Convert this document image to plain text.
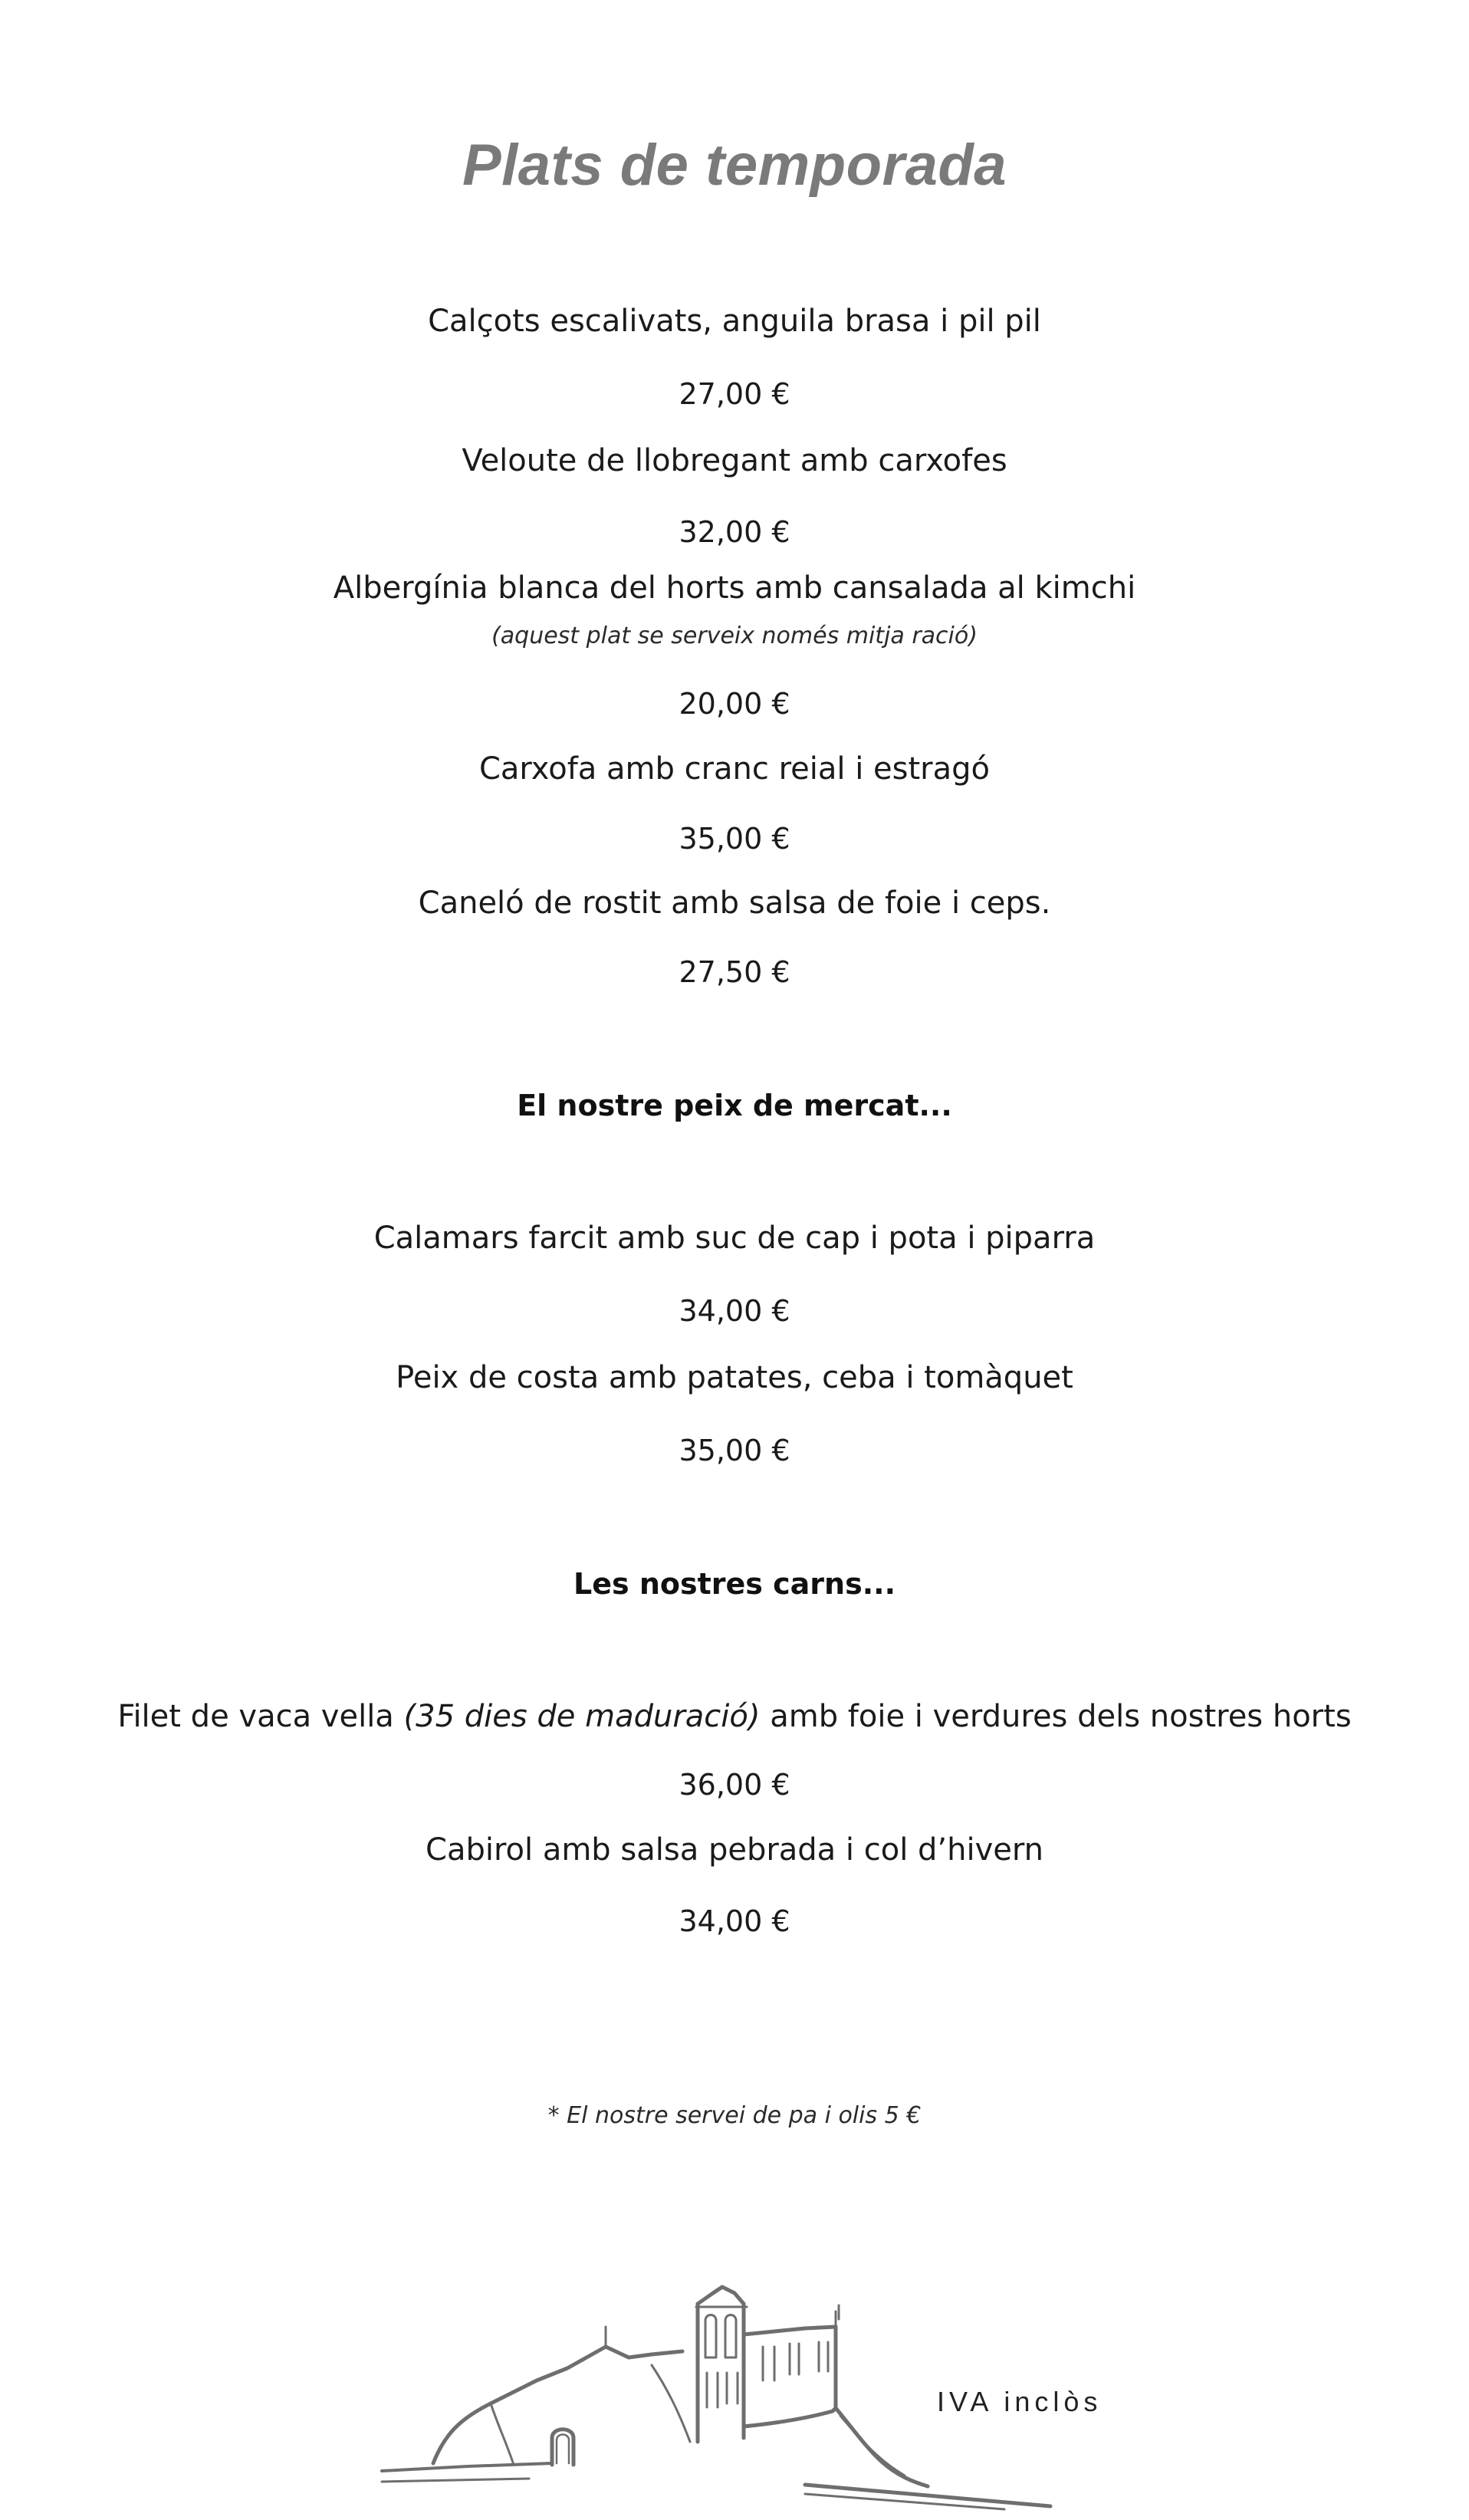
Plats de temporada
Calçots escalivats, anguila brasa i pil pil
27,00 €
Veloute de llobregant amb carxofes
32,00 €
Albergínia blanca del horts amb cansalada al kimchi
(aquest plat se serveix només mitja ració)
20,00 €
Carxofa amb cranc reial i estragó
35,00 €
Caneló de rostit amb salsa de foie i ceps.
27,50 €
El nostre peix de mercat...
Calamars farcit amb suc de cap i pota i piparra
34,00 €
Peix de costa amb patates, ceba i tomàquet
35,00 €
Les nostres carns...
Filet de vaca vella (35 dies de maduració) amb foie i verdures dels nostres horts
36,00 €
Cabirol amb salsa pebrada i col d’hivern
34,00 €
* El nostre servei de pa i olis 5 €
IVA inclòs
